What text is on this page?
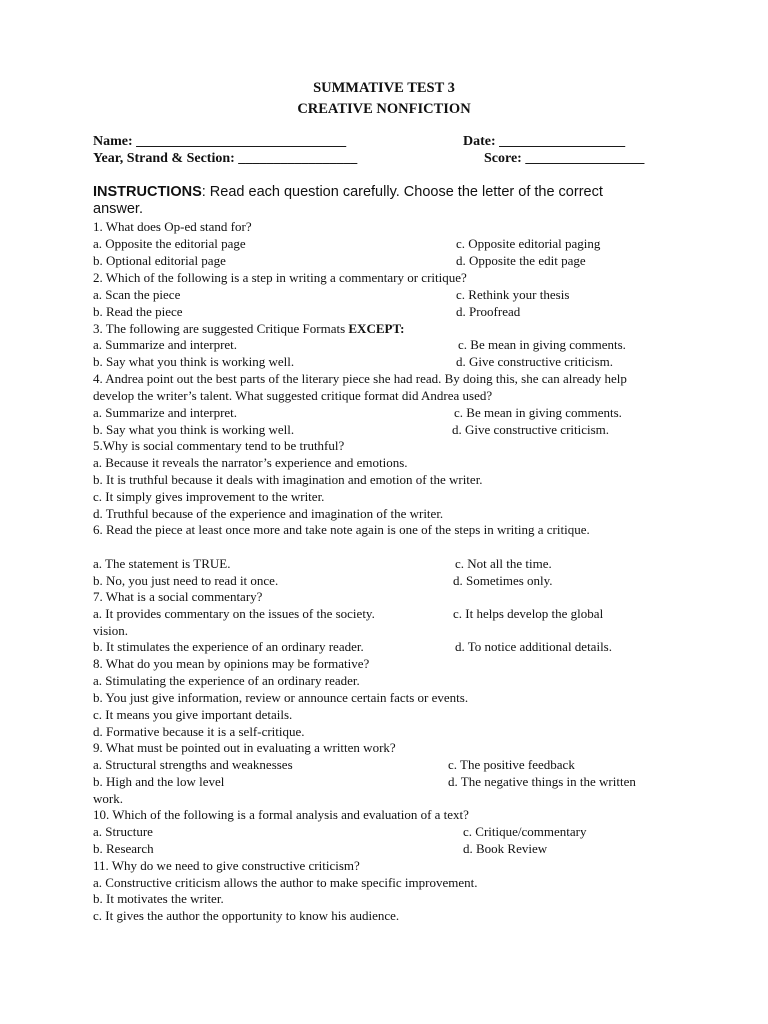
SUMMATIVE TEST 3
CREATIVE NONFICTION
Name: ______________________________	Date: __________________
Year, Strand & Section: _________________	Score: _________________
INSTRUCTIONS: Read each question carefully. Choose the letter of the correct answer.
1. What does Op-ed stand for?
a. Opposite the editorial page	c. Opposite editorial paging
b. Optional editorial page	d. Opposite the edit page
2. Which of the following is a step in writing a commentary or critique?
a. Scan the piece	c. Rethink your thesis
b. Read the piece	d. Proofread
3. The following are suggested Critique Formats EXCEPT:
a. Summarize and interpret.	c. Be mean in giving comments.
b. Say what you think is working well.	d. Give constructive criticism.
4. Andrea point out the best parts of the literary piece she had read. By doing this, she can already help develop the writer’s talent. What suggested critique format did Andrea used?
a. Summarize and interpret.	c. Be mean in giving comments.
b. Say what you think is working well.	d. Give constructive criticism.
5.Why is social commentary tend to be truthful?
a. Because it reveals the narrator’s experience and emotions.
b. It is truthful because it deals with imagination and emotion of the writer.
c. It simply gives improvement to the writer.
d. Truthful because of the experience and imagination of the writer.
6. Read the piece at least once more and take note again is one of the steps in writing a critique.
a. The statement is TRUE.	c. Not all the time.
b. No, you just need to read it once.	d. Sometimes only.
7. What is a social commentary?
a. It provides commentary on the issues of the society.	c. It helps develop the global
vision.
b. It stimulates the experience of an ordinary reader.	d. To notice additional details.
8. What do you mean by opinions may be formative?
a. Stimulating the experience of an ordinary reader.
b. You just give information, review or announce certain facts or events.
c. It means you give important details.
d. Formative because it is a self-critique.
9. What must be pointed out in evaluating a written work?
a. Structural strengths and weaknesses	c. The positive feedback
b. High and the low level	d. The negative things in the written
work.
10. Which of the following is a formal analysis and evaluation of a text?
a. Structure	c. Critique/commentary
b. Research	d. Book Review
11. Why do we need to give constructive criticism?
a. Constructive criticism allows the author to make specific improvement.
b. It motivates the writer.
c. It gives the author the opportunity to know his audience.
